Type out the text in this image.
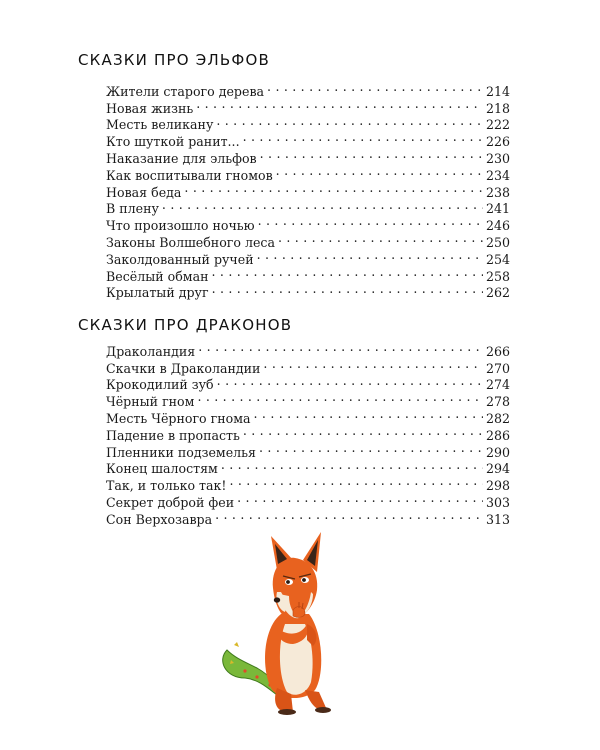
СКАЗКИ ПРО ЭЛЬФОВ
Жители старого дерева . . .	214
Новая жизнь . . .	218
Месть великану . . .	222
Кто шуткой ранит... . . .	226
Наказание для эльфов . . .	230
Как воспитывали гномов . . .	234
Новая беда . . .	238
В плену . . .	241
Что произошло ночью . . .	246
Законы Волшебного леса . . .	250
Заколдованный ручей . . .	254
Весёлый обман . . .	258
Крылатый друг . . .	262
СКАЗКИ ПРО ДРАКОНОВ
Драколандия . . .	266
Скачки в Драколандии . . .	270
Крокодилий зуб . . .	274
Чёрный гном . . .	278
Месть Чёрного гнома . . .	282
Падение в пропасть . . .	286
Пленники подземелья . . .	290
Конец шалостям . . .	294
Так, и только так! . . .	298
Секрет доброй феи . . .	303
Сон Верхозавра . . .	313
